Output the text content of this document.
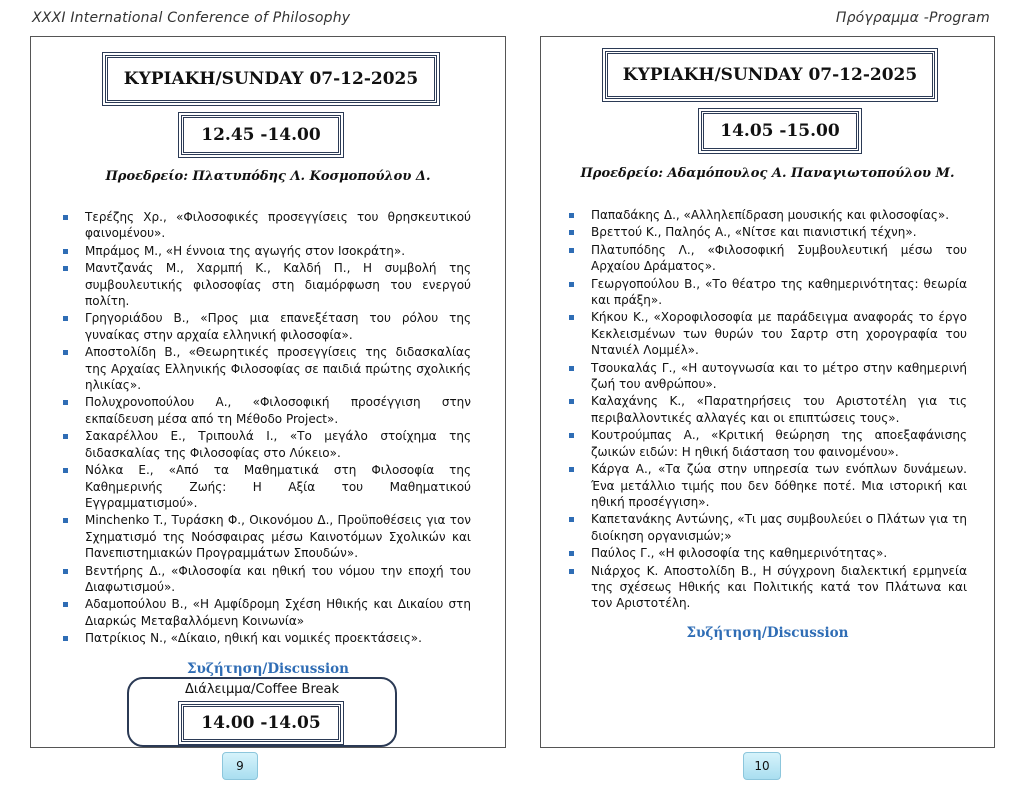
XXXI International Conference of Philosophy	Πρόγραμμα -Program
ΚΥΡΙΑΚΗ/SUNDAY 07-12-2025
12.45 -14.00
Προεδρείο: Πλατυπόδης Λ. Κοσμοπούλου Δ.
Τερέζης Χρ., «Φιλοσοφικές προσεγγίσεις του θρησκευτικού φαινομένου».
Μπράμος Μ., «Η έννοια της αγωγής στον Ισοκράτη».
Μαντζανάς Μ., Χαρμπή Κ., Καλδή Π., Η συμβολή της συμβουλευτικής φιλοσοφίας στη διαμόρφωση του ενεργού πολίτη.
Γρηγοριάδου Β., «Προς μια επανεξέταση του ρόλου της γυναίκας στην αρχαία ελληνική φιλοσοφία».
Αποστολίδη Β., «Θεωρητικές προσεγγίσεις της διδασκαλίας της Αρχαίας Ελληνικής Φιλοσοφίας σε παιδιά πρώτης σχολικής ηλικίας».
Πολυχρονοπούλου Α., «Φιλοσοφική προσέγγιση στην εκπαίδευση μέσα από τη Μέθοδο Project».
Σακαρέλλου Ε., Τριπουλά Ι., «Το μεγάλο στοίχημα της διδασκαλίας της Φιλοσοφίας στο Λύκειο».
Νόλκα Ε., «Από τα Μαθηματικά στη Φιλοσοφία της Καθημερινής Ζωής: Η Αξία του Μαθηματικού Εγγραμματισμού».
Minchenko T., Τυράσκη Φ., Οικονόμου Δ., Προϋποθέσεις για τον Σχηματισμό της Νοόσφαιρας μέσω Καινοτόμων Σχολικών και Πανεπιστημιακών Προγραμμάτων Σπουδών».
Βεντήρης Δ., «Φιλοσοφία και ηθική του νόμου την εποχή του Διαφωτισμού».
Αδαμοπούλου Β., «Η Αμφίδρομη Σχέση Ηθικής και Δικαίου στη Διαρκώς Μεταβαλλόμενη Κοινωνία»
Πατρίκιος Ν., «Δίκαιο, ηθική και νομικές προεκτάσεις».
Συζήτηση/Discussion
Διάλειμμα/Coffee Break
14.00 -14.05
ΚΥΡΙΑΚΗ/SUNDAY 07-12-2025
14.05 -15.00
Προεδρείο: Αδαμόπουλος Α. Παναγιωτοπούλου Μ.
Παπαδάκης Δ., «Αλληλεπίδραση μουσικής και φιλοσοφίας».
Βρεττού Κ., Παληός Α., «Νίτσε και πιανιστική τέχνη».
Πλατυπόδης Λ., «Φιλοσοφική Συμβουλευτική μέσω του Αρχαίου Δράματος».
Γεωργοπούλου Β., «Το θέατρο της καθημερινότητας: θεωρία και πράξη».
Κήκου Κ., «Χοροφιλοσοφία με παράδειγμα αναφοράς το έργο Κεκλεισμένων των θυρών του Σαρτρ στη χορογραφία του Ντανιέλ Λομμέλ».
Τσουκαλάς Γ., «Η αυτογνωσία και το μέτρο στην καθημερινή ζωή του ανθρώπου».
Καλαχάνης Κ., «Παρατηρήσεις του Αριστοτέλη για τις περιβαλλοντικές αλλαγές και οι επιπτώσεις τους».
Κουτρούμπας Α., «Κριτική θεώρηση της αποεξαφάνισης ζωικών ειδών: Η ηθική διάσταση του φαινομένου».
Κάργα Α., «Τα ζώα στην υπηρεσία των ενόπλων δυνάμεων. Ένα μετάλλιο τιμής που δεν δόθηκε ποτέ. Μια ιστορική και ηθική προσέγγιση».
Καπετανάκης Αντώνης, «Τι μας συμβουλεύει ο Πλάτων για τη διοίκηση οργανισμών;»
Παύλος Γ., «Η φιλοσοφία της καθημερινότητας».
Νιάρχος Κ. Αποστολίδη Β., Η σύγχρονη διαλεκτική ερμηνεία της σχέσεως Ηθικής και Πολιτικής κατά τον Πλάτωνα και τον Αριστοτέλη.
Συζήτηση/Discussion
9	10
